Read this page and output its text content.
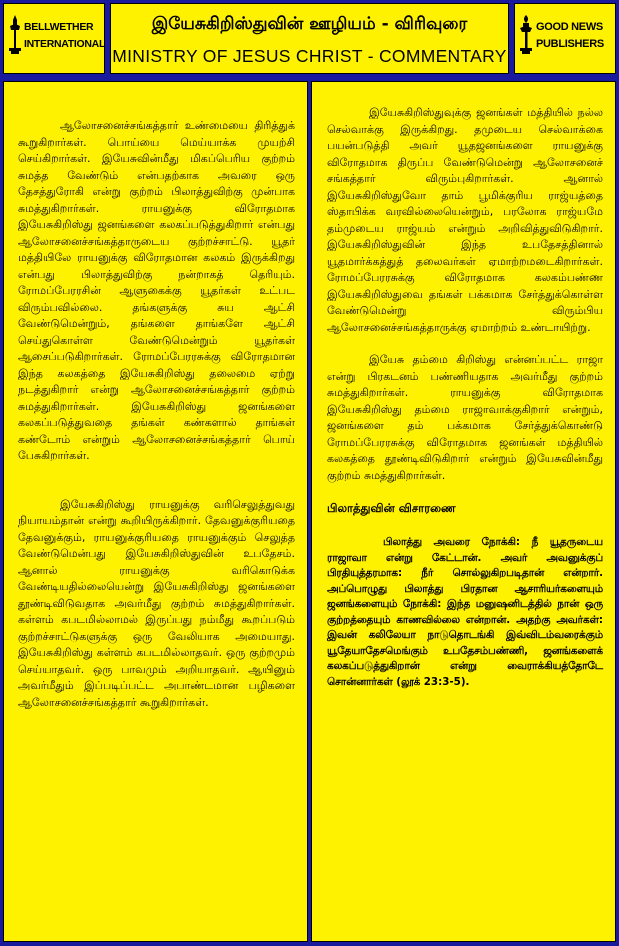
BELLWETHER
INTERNATIONAL
இயேசுகிறிஸ்துவின் ஊழியம் - விரிவுரை
MINISTRY OF JESUS CHRIST - COMMENTARY
GOOD NEWS
PUBLISHERS

ஆலோசனைச்சங்கத்தார் உண்மையை திரித்துக் கூறுகிறார்கள். பொய்யை மெய்யாக்க முயற்சி செய்கிறார்கள். இயேசுவின்மீது மிகப்பெரிய குற்றம் சுமத்த வேண்டும் என்பதற்காக அவரை ஒரு தேசத்துரோகி என்று குற்றம் பிலாத்துவிற்கு முன்பாக சுமத்துகிறார்கள். ராயனுக்கு விரோதமாக இயேசுகிறிஸ்து ஜனங்களை கலகப்படுத்துகிறார் என்பது ஆலோசனைச்சங்கத்தாருடைய குற்றச்சாட்டு. யூதர் மத்தியிலே ராயனுக்கு விரோதமான கலகம் இருக்கிறது என்பது பிலாத்துவிற்கு நன்றாகத் தெரியும். ரோமப்பேரரசின் ஆளுகைக்கு யூதர்கள் உட்பட விரும்பவில்லை. தங்களுக்கு சுய ஆட்சி வேண்டுமென்றும், தங்களை தாங்களே ஆட்சி செய்துகொள்ள வேண்டுமென்றும் யூதர்கள் ஆசைப்படுகிறார்கள். ரோமப்பேரரசுக்கு விரோதமான இந்த கலகத்தை இயேசுகிறிஸ்து தலைமை ஏற்று நடத்துகிறார் என்று ஆலோசனைச்சங்கத்தார் குற்றம் சுமத்துகிறார்கள். இயேசுகிறிஸ்து ஜனங்களை கலகப்படுத்துவதை தங்கள் கண்களால் தாங்கள் கண்டோம் என்றும் ஆலோசனைச்சங்கத்தார் பொய் பேசுகிறார்கள்.

இயேசுகிறிஸ்து ராயனுக்கு வரிசெலுத்துவது நியாயம்தான் என்று கூறியிருக்கிறார். தேவனுக்குரியதை தேவனுக்கும், ராயனுக்குரியதை ராயனுக்கும் செலுத்த வேண்டுமென்பது இயேசுகிறிஸ்துவின் உபதேசம். ஆனால் ராயனுக்கு வரிகொடுக்க வேண்டியதில்லையென்று இயேசுகிறிஸ்து ஜனங்களை தூண்டிவிடுவதாக அவர்மீது குற்றம் சுமத்துகிறார்கள். கள்ளம் கபடமில்லாமல் இருப்பது நம்மீது கூறப்படும் குற்றச்சாட்டுகளுக்கு ஒரு வேலியாக அமையாது. இயேசுகிறிஸ்து கள்ளம் கபடமில்லாதவர். ஒரு குற்றமும் செய்யாதவர். ஒரு பாவமும் அறியாதவர். ஆயினும் அவர்மீதும் இப்படிப்பட்ட அபாண்டமான பழிகளை ஆலோசனைச்சங்கத்தார் கூறுகிறார்கள்.

இயேசுகிறிஸ்துவுக்கு ஜனங்கள் மத்தியில் நல்ல செல்வாக்கு இருக்கிறது. தமுடைய செல்வாக்கை பயன்படுத்தி அவர் யூதஜனங்களை ராயனுக்கு விரோதமாக திருப்ப வேண்டுமென்று ஆலோசனைச் சங்கத்தார் விரும்புகிறார்கள். ஆனால் இயேசுகிறிஸ்துவோ தாம் பூமிக்குரிய ராஜ்யத்தை ஸ்தாபிக்க வரவில்லையென்றும், பரலோக ராஜ்யமே தம்முடைய ராஜ்யம் என்றும் அறிவித்துவிடுகிறார். இயேசுகிறிஸ்துவின் இந்த உபதேசத்தினால் யூதமார்க்கத்துத் தலைவர்கள் ஏமாற்றமடைகிறார்கள். ரோமப்பேரரசுக்கு விரோதமாக கலகம்பண்ண இயேசுகிறிஸ்துவை தங்கள் பக்கமாக சேர்த்துக்கொள்ள வேண்டுமென்று விரும்பிய ஆலோசனைச்சங்கத்தாருக்கு ஏமாற்றம் உண்டாயிற்று.

இயேசு தம்மை கிறிஸ்து என்னப்பட்ட ராஜா என்று பிரகடனம் பண்ணியதாக அவர்மீது குற்றம் சுமத்துகிறார்கள். ராயனுக்கு விரோதமாக இயேசுகிறிஸ்து தம்மை ராஜாவாக்குகிறார் என்றும், ஜனங்களை தம் பக்கமாக சேர்த்துக்கொண்டு ரோமப்பேரரசுக்கு விரோதமாக ஜனங்கள் மத்தியில் கலகத்தை தூண்டிவிடுகிறார் என்றும் இயேசுவின்மீது குற்றம் சுமத்துகிறார்கள்.

பிலாத்துவின் விசாரணை

பிலாத்து அவரை நோக்கி: நீ யூதருடைய ராஜாவா என்று கேட்டான். அவர் அவனுக்குப் பிரதியுத்தரமாக: நீர் சொல்லுகிறபடிதான் என்றார். அப்பொழுது பிலாத்து பிரதான ஆசாரியர்களையும் ஜனங்களையும் நோக்கி: இந்த மனுஷனிடத்தில் நான் ஒரு குற்றத்தையும் காணவில்லை என்றான். அதற்கு அவர்கள்: இவன் கலிலேயா நாடுதொடங்கி இவ்விடம்வரைக்கும் யூதேயாதேசமெங்கும் உபதேசம்பண்ணி, ஜனங்களைக் கலகப்படுத்துகிறான் என்று வைராக்கியத்தோடே சொன்னார்கள் (லூக் 23:3-5).
